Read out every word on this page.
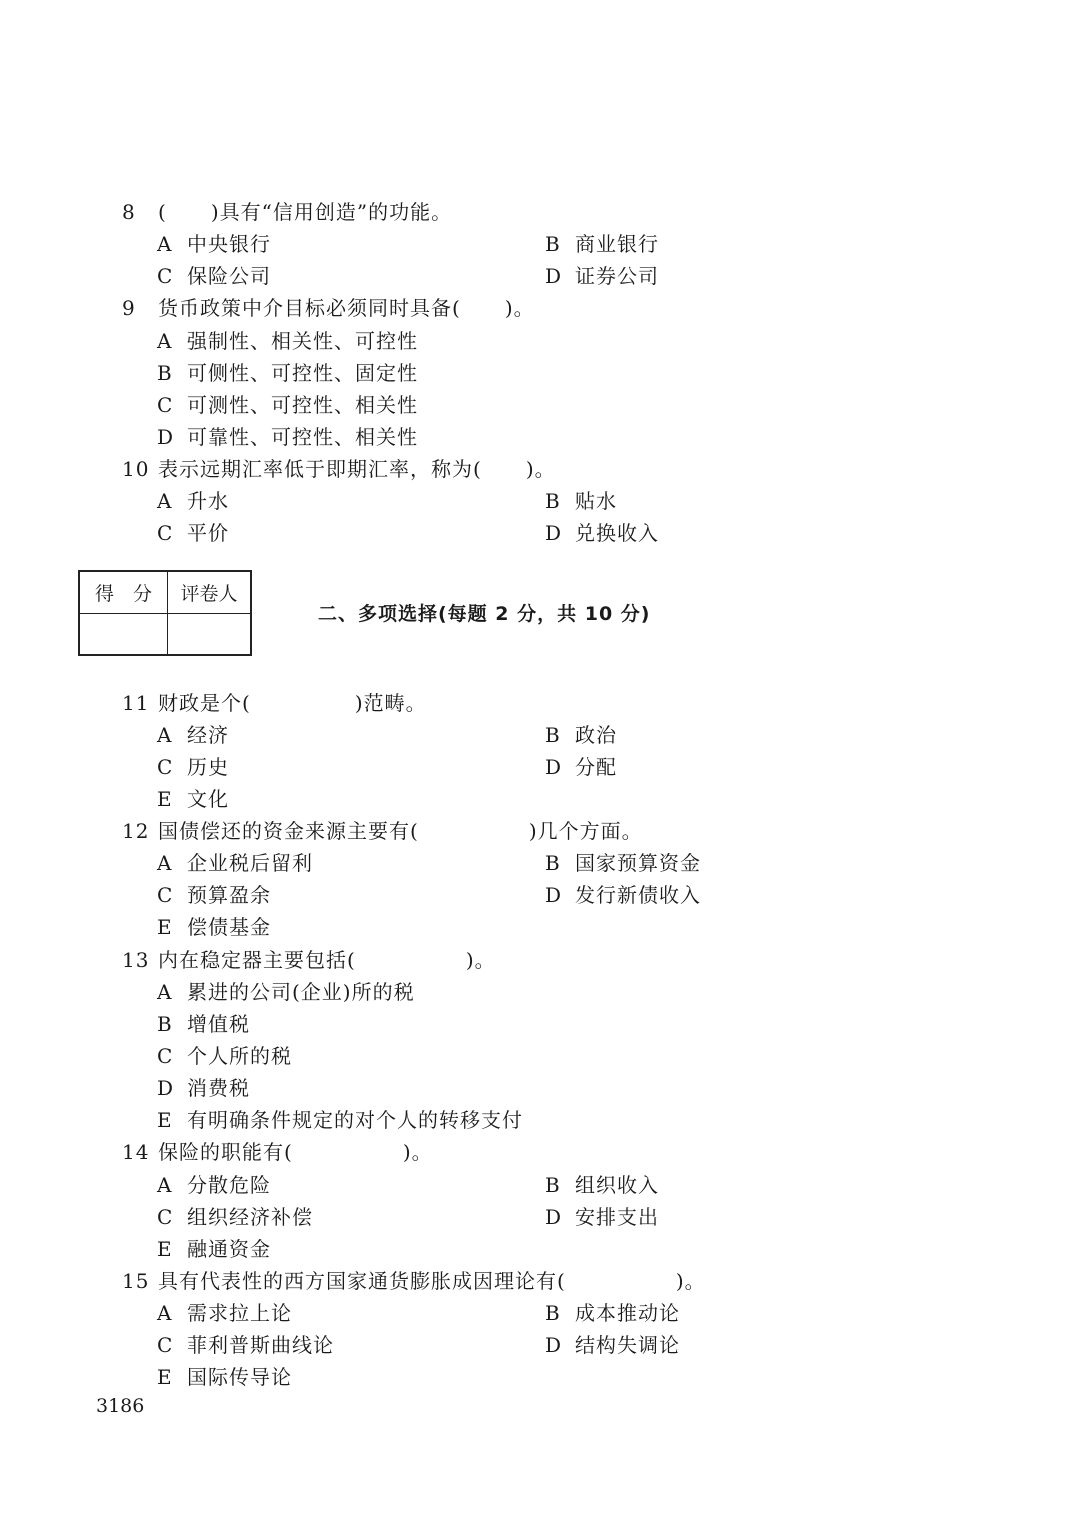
8 ( )具有“信用创造”的功能。
A 中央银行	B 商业银行
C 保险公司	D 证券公司
9 货币政策中介目标必须同时具备( )。
A 强制性、相关性、可控性
B 可侧性、可控性、固定性
C 可测性、可控性、相关性
D 可靠性、可控性、相关性
10 表示远期汇率低于即期汇率，称为( )。
A 升水	B 贴水
C 平价	D 兑换收入
得　分	评卷人
二、多项选择(每题 2 分，共 10 分)
11 财政是个(	)范畴。
A 经济	B 政治
C 历史	D 分配
E 文化
12 国债偿还的资金来源主要有(	)几个方面。
A 企业税后留利	B 国家预算资金
C 预算盈余	D 发行新债收入
E 偿债基金
13 内在稳定器主要包括(	)。
A 累进的公司(企业)所的税
B 增值税
C 个人所的税
D 消费税
E 有明确条件规定的对个人的转移支付
14 保险的职能有(	)。
A 分散危险	B 组织收入
C 组织经济补偿	D 安排支出
E 融通资金
15 具有代表性的西方国家通货膨胀成因理论有(	)。
A 需求拉上论	B 成本推动论
C 菲利普斯曲线论	D 结构失调论
E 国际传导论
3186
